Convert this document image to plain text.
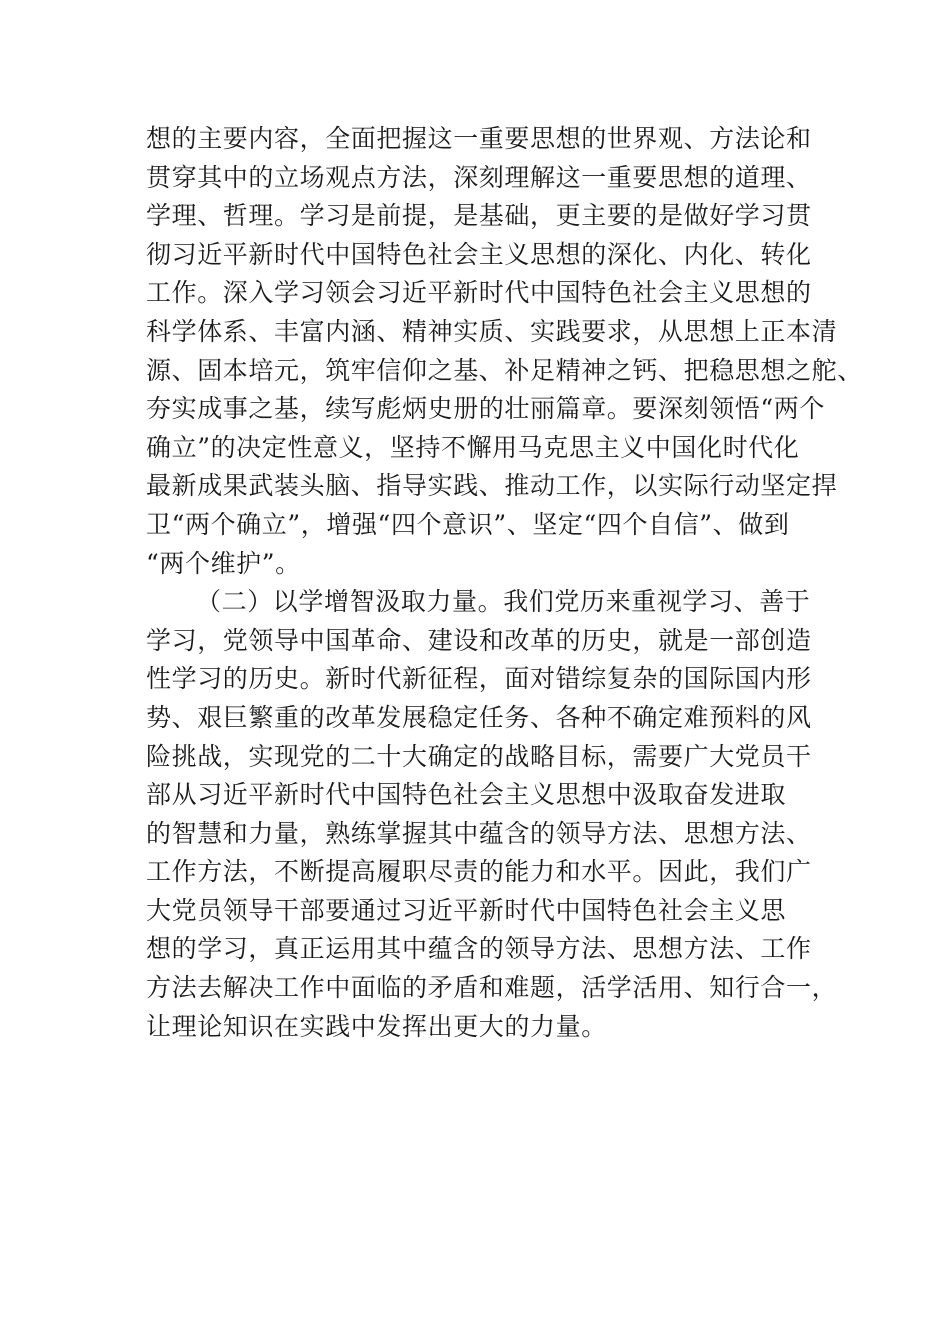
想的主要内容，全面把握这一重要思想的世界观、方法论和
贯穿其中的立场观点方法，深刻理解这一重要思想的道理、
学理、哲理。学习是前提，是基础，更主要的是做好学习贯
彻习近平新时代中国特色社会主义思想的深化、内化、转化
工作。深入学习领会习近平新时代中国特色社会主义思想的
科学体系、丰富内涵、精神实质、实践要求，从思想上正本清
源、固本培元，筑牢信仰之基、补足精神之钙、把稳思想之舵、
夯实成事之基，续写彪炳史册的壮丽篇章。要深刻领悟“两个
确立”的决定性意义，坚持不懈用马克思主义中国化时代化
最新成果武装头脑、指导实践、推动工作，以实际行动坚定捍
卫“两个确立”，增强“四个意识”、坚定“四个自信”、做到
“两个维护”。
（二）以学增智汲取力量。我们党历来重视学习、善于
学习，党领导中国革命、建设和改革的历史，就是一部创造
性学习的历史。新时代新征程，面对错综复杂的国际国内形
势、艰巨繁重的改革发展稳定任务、各种不确定难预料的风
险挑战，实现党的二十大确定的战略目标，需要广大党员干
部从习近平新时代中国特色社会主义思想中汲取奋发进取
的智慧和力量，熟练掌握其中蕴含的领导方法、思想方法、
工作方法，不断提高履职尽责的能力和水平。因此，我们广
大党员领导干部要通过习近平新时代中国特色社会主义思
想的学习，真正运用其中蕴含的领导方法、思想方法、工作
方法去解决工作中面临的矛盾和难题，活学活用、知行合一，
让理论知识在实践中发挥出更大的力量。
